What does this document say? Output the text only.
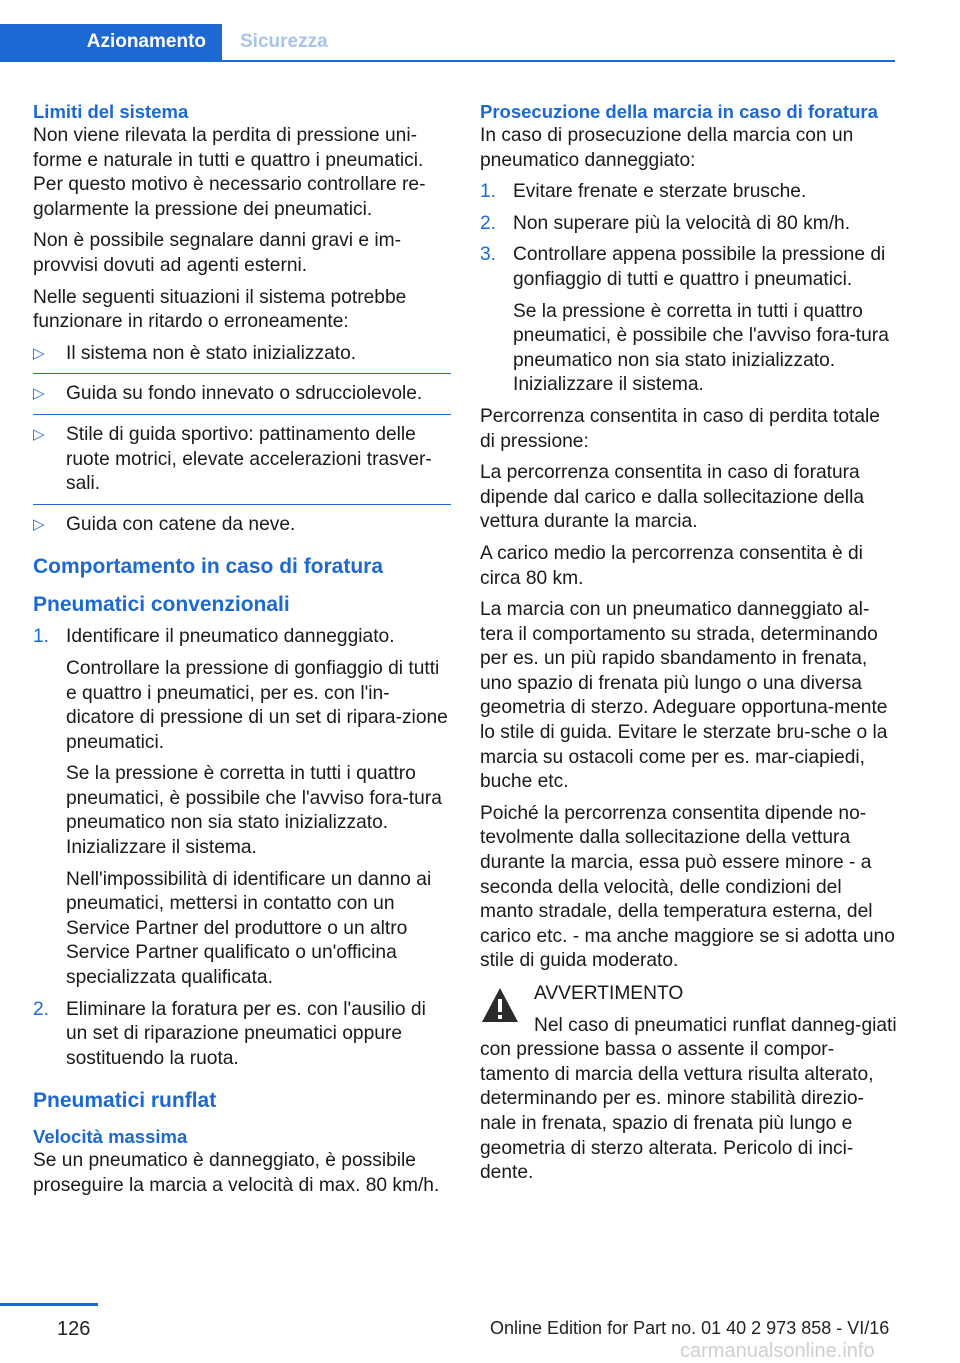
Azionamento	Sicurezza
Limiti del sistema

Non viene rilevata la perdita di pressione uni-forme e naturale in tutti e quattro i pneumatici. Per questo motivo è necessario controllare re-golarmente la pressione dei pneumatici.

Non è possibile segnalare danni gravi e im-provvisi dovuti ad agenti esterni.

Nelle seguenti situazioni il sistema potrebbe funzionare in ritardo o erroneamente:

▷ Il sistema non è stato inizializzato.
▷ Guida su fondo innevato o sdrucciolevole.
▷ Stile di guida sportivo: pattinamento delle ruote motrici, elevate accelerazioni trasver-sali.
▷ Guida con catene da neve.
Comportamento in caso di foratura
Pneumatici convenzionali
1. Identificare il pneumatico danneggiato.
Controllare la pressione di gonfiaggio di tutti e quattro i pneumatici, per es. con l'in-dicatore di pressione di un set di ripara-zione pneumatici.
Se la pressione è corretta in tutti i quattro pneumatici, è possibile che l'avviso fora-tura pneumatico non sia stato inizializzato. Inizializzare il sistema.
Nell'impossibilità di identificare un danno ai pneumatici, mettersi in contatto con un Service Partner del produttore o un altro Service Partner qualificato o un'officina specializzata qualificata.
2. Eliminare la foratura per es. con l'ausilio di un set di riparazione pneumatici oppure sostituendo la ruota.
Pneumatici runflat
Velocità massima

Se un pneumatico è danneggiato, è possibile proseguire la marcia a velocità di max. 80 km/h.

Prosecuzione della marcia in caso di foratura

In caso di prosecuzione della marcia con un pneumatico danneggiato:

1. Evitare frenate e sterzate brusche.
2. Non superare più la velocità di 80 km/h.
3. Controllare appena possibile la pressione di gonfiaggio di tutti e quattro i pneumatici.
Se la pressione è corretta in tutti i quattro pneumatici, è possibile che l'avviso fora-tura pneumatico non sia stato inizializzato. Inizializzare il sistema.

Percorrenza consentita in caso di perdita totale di pressione:

La percorrenza consentita in caso di foratura dipende dal carico e dalla sollecitazione della vettura durante la marcia.

A carico medio la percorrenza consentita è di circa 80 km.

La marcia con un pneumatico danneggiato al-tera il comportamento su strada, determinando per es. un più rapido sbandamento in frenata, uno spazio di frenata più lungo o una diversa geometria di sterzo. Adeguare opportuna-mente lo stile di guida. Evitare le sterzate bru-sche o la marcia su ostacoli come per es. mar-ciapiedi, buche etc.

Poiché la percorrenza consentita dipende no-tevolmente dalla sollecitazione della vettura durante la marcia, essa può essere minore - a seconda della velocità, delle condizioni del manto stradale, della temperatura esterna, del carico etc. - ma anche maggiore se si adotta uno stile di guida moderato.

AVVERTIMENTO
Nel caso di pneumatici runflat danneg-giati con pressione bassa o assente il compor-tamento di marcia della vettura risulta alterato, determinando per es. minore stabilità direzio-nale in frenata, spazio di frenata più lungo e geometria di sterzo alterata. Pericolo di inci-dente.
126	Online Edition for Part no. 01 40 2 973 858 - VI/16
carmanualsonline.info
